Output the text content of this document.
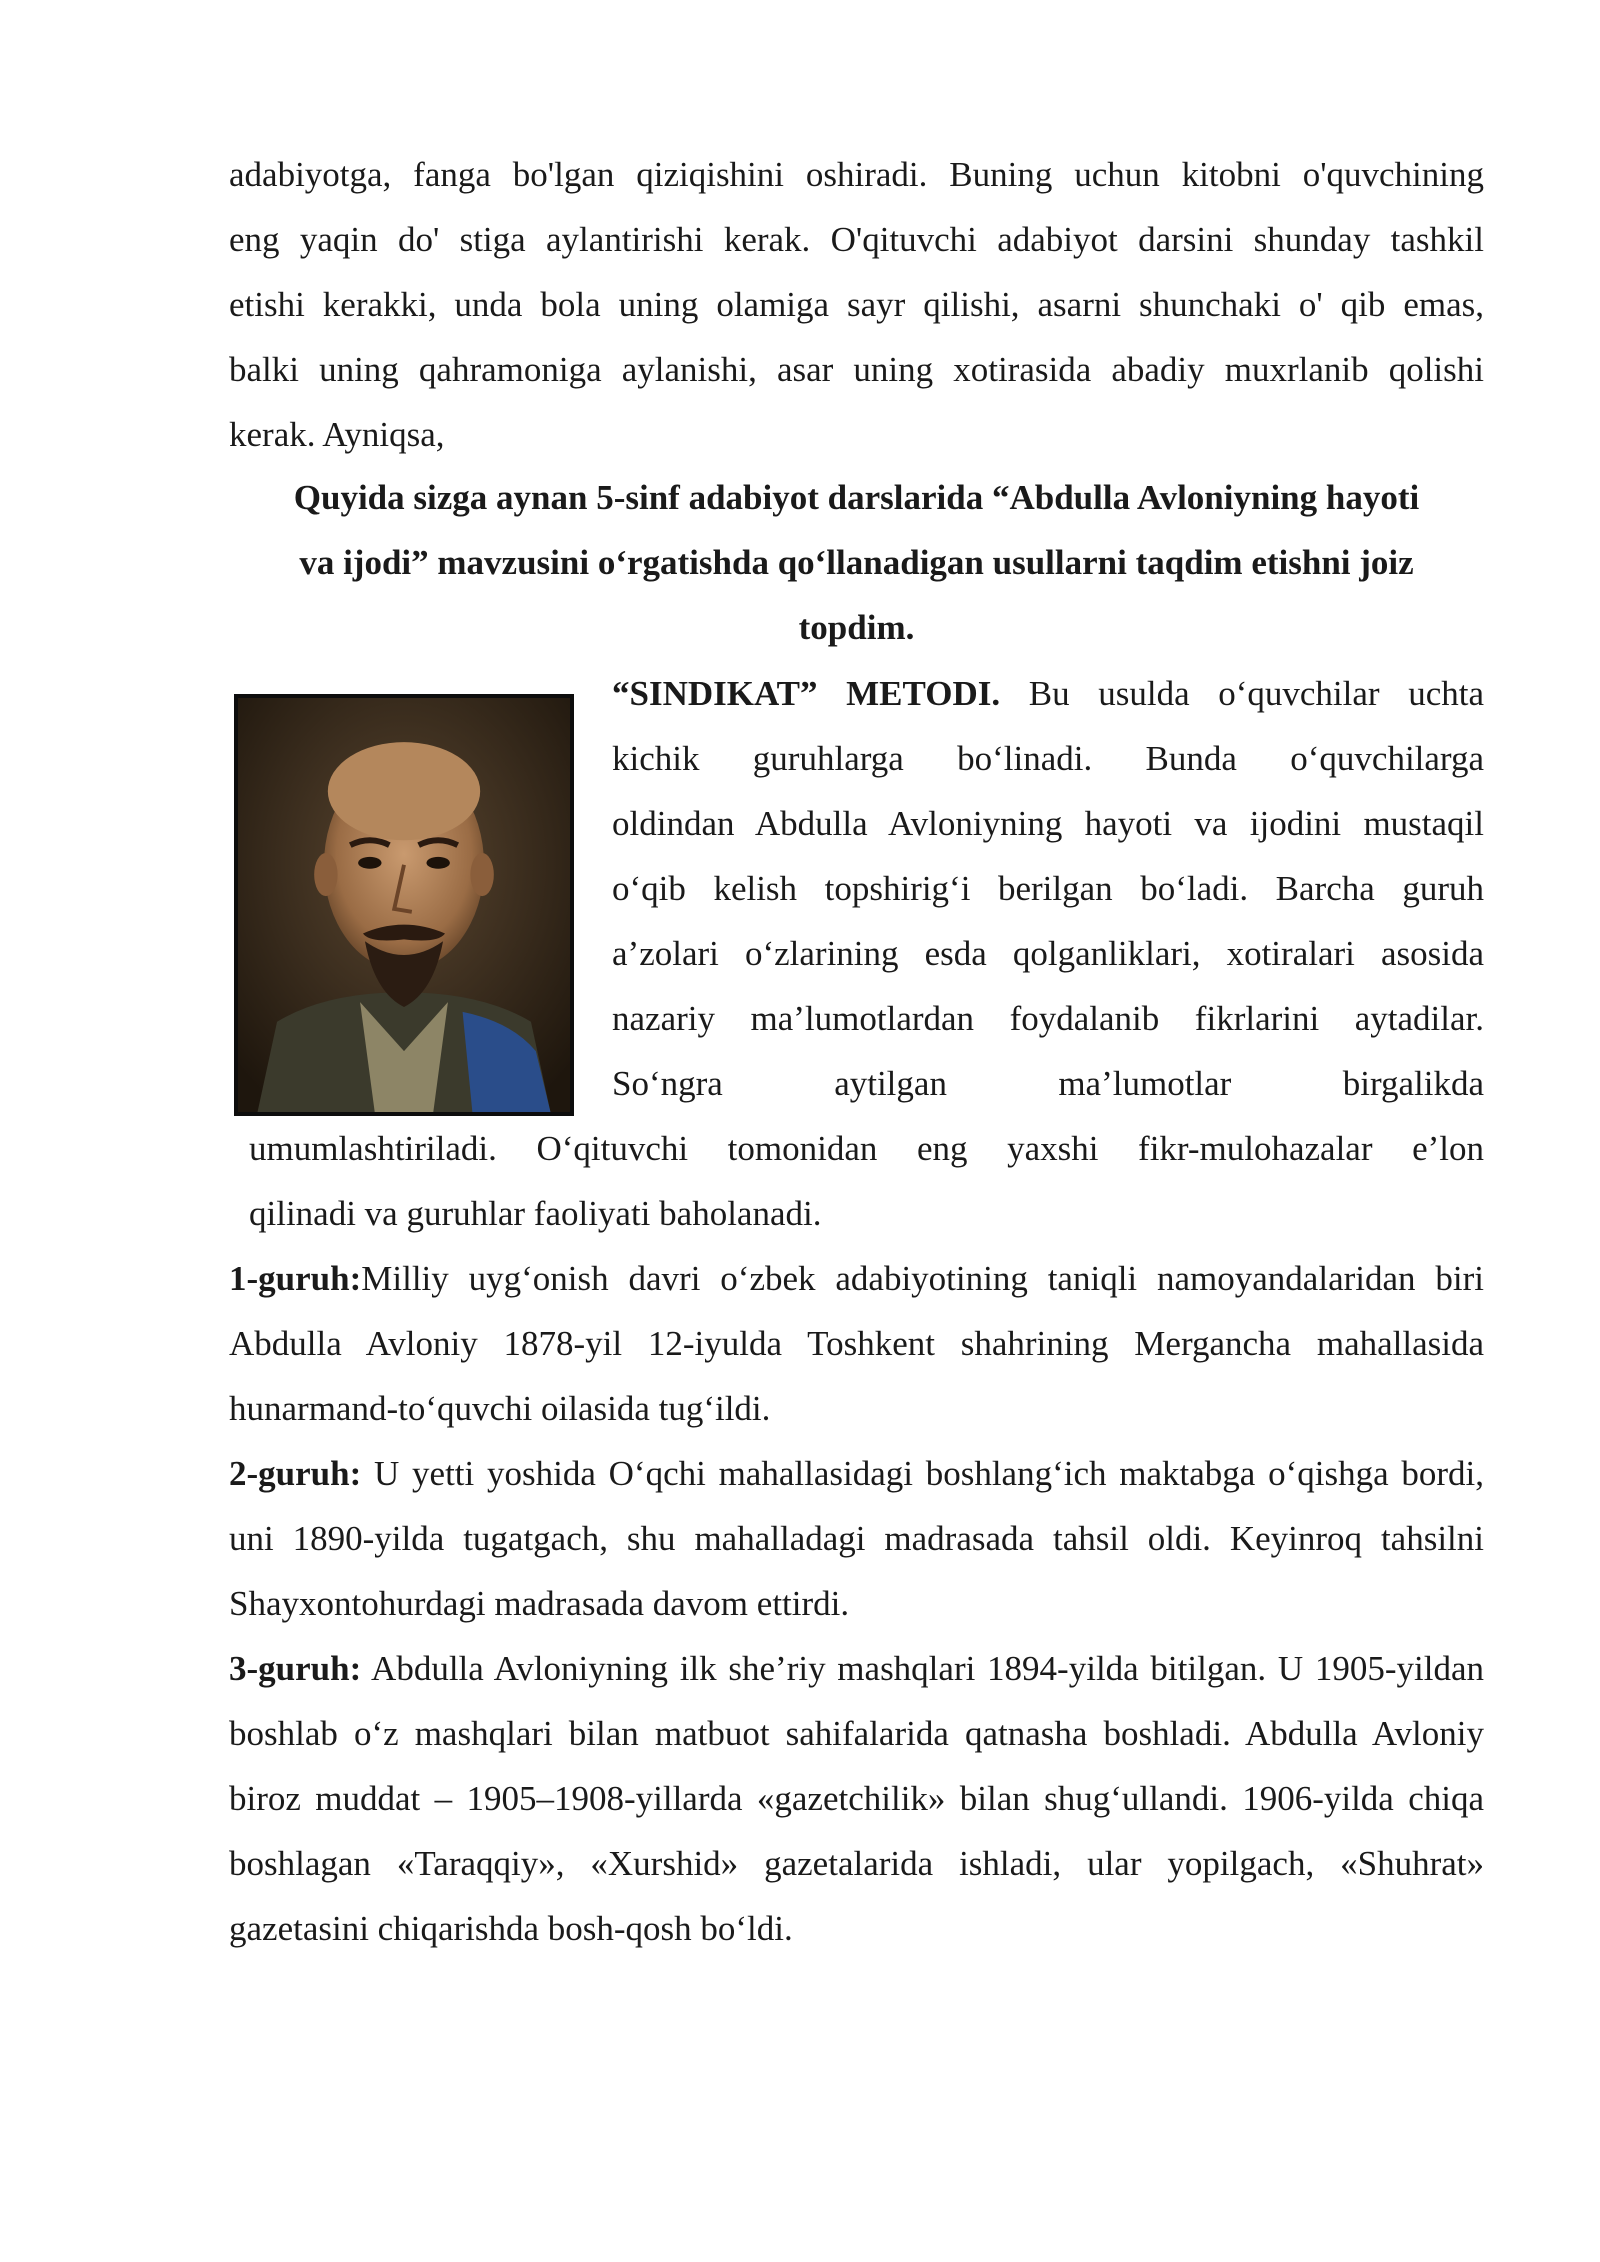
adabiyotga, fanga bo'lgan qiziqishini oshiradi. Buning uchun kitobni o'quvchining
eng yaqin do' stiga aylantirishi kerak. O'qituvchi adabiyot darsini shunday tashkil
etishi kerakki, unda bola uning olamiga sayr qilishi, asarni shunchaki o' qib emas,
balki uning qahramoniga aylanishi, asar uning xotirasida abadiy muxrlanib qolishi
kerak. Ayniqsa,

Quyida sizga aynan 5-sinf adabiyot darslarida “Abdulla Avloniyning hayoti
va ijodi” mavzusini o‘rgatishda qo‘llanadigan usullarni taqdim etishni joiz
topdim.

“SINDIKAT” METODI. Bu usulda o‘quvchilar uchta
kichik guruhlarga bo‘linadi. Bunda o‘quvchilarga
oldindan Abdulla Avloniyning hayoti va ijodini mustaqil
o‘qib kelish topshirig‘i berilgan bo‘ladi. Barcha guruh
a’zolari o‘zlarining esda qolganliklari, xotiralari asosida
nazariy ma’lumotlardan foydalanib fikrlarini aytadilar.
So‘ngra aytilgan ma’lumotlar birgalikda

umumlashtiriladi. O‘qituvchi tomonidan eng yaxshi fikr-mulohazalar e’lon
qilinadi va guruhlar faoliyati baholanadi.

1-guruh:Milliy uyg‘onish davri o‘zbek adabiyotining taniqli namoyandalaridan biri Abdulla Avloniy 1878-yil 12-iyulda Toshkent shahrining Mergancha mahallasida hunarmand-to‘quvchi oilasida tug‘ildi.

2-guruh: U yetti yoshida O‘qchi mahallasidagi boshlang‘ich maktabga o‘qishga bordi, uni 1890-yilda tugatgach, shu mahalladagi madrasada tahsil oldi. Keyinroq tahsilni Shayxontohurdagi madrasada davom ettirdi.

3-guruh: Abdulla Avloniyning ilk she’riy mashqlari 1894-yilda bitilgan. U 1905-yildan boshlab o‘z mashqlari bilan matbuot sahifalarida qatnasha boshladi. Abdulla Avloniy biroz muddat – 1905–1908-yillarda «gazetchilik» bilan shug‘ullandi. 1906-yilda chiqa boshlagan «Taraqqiy», «Xurshid» gazetalarida ishladi, ular yopilgach, «Shuhrat» gazetasini chiqarishda bosh-qosh bo‘ldi.
